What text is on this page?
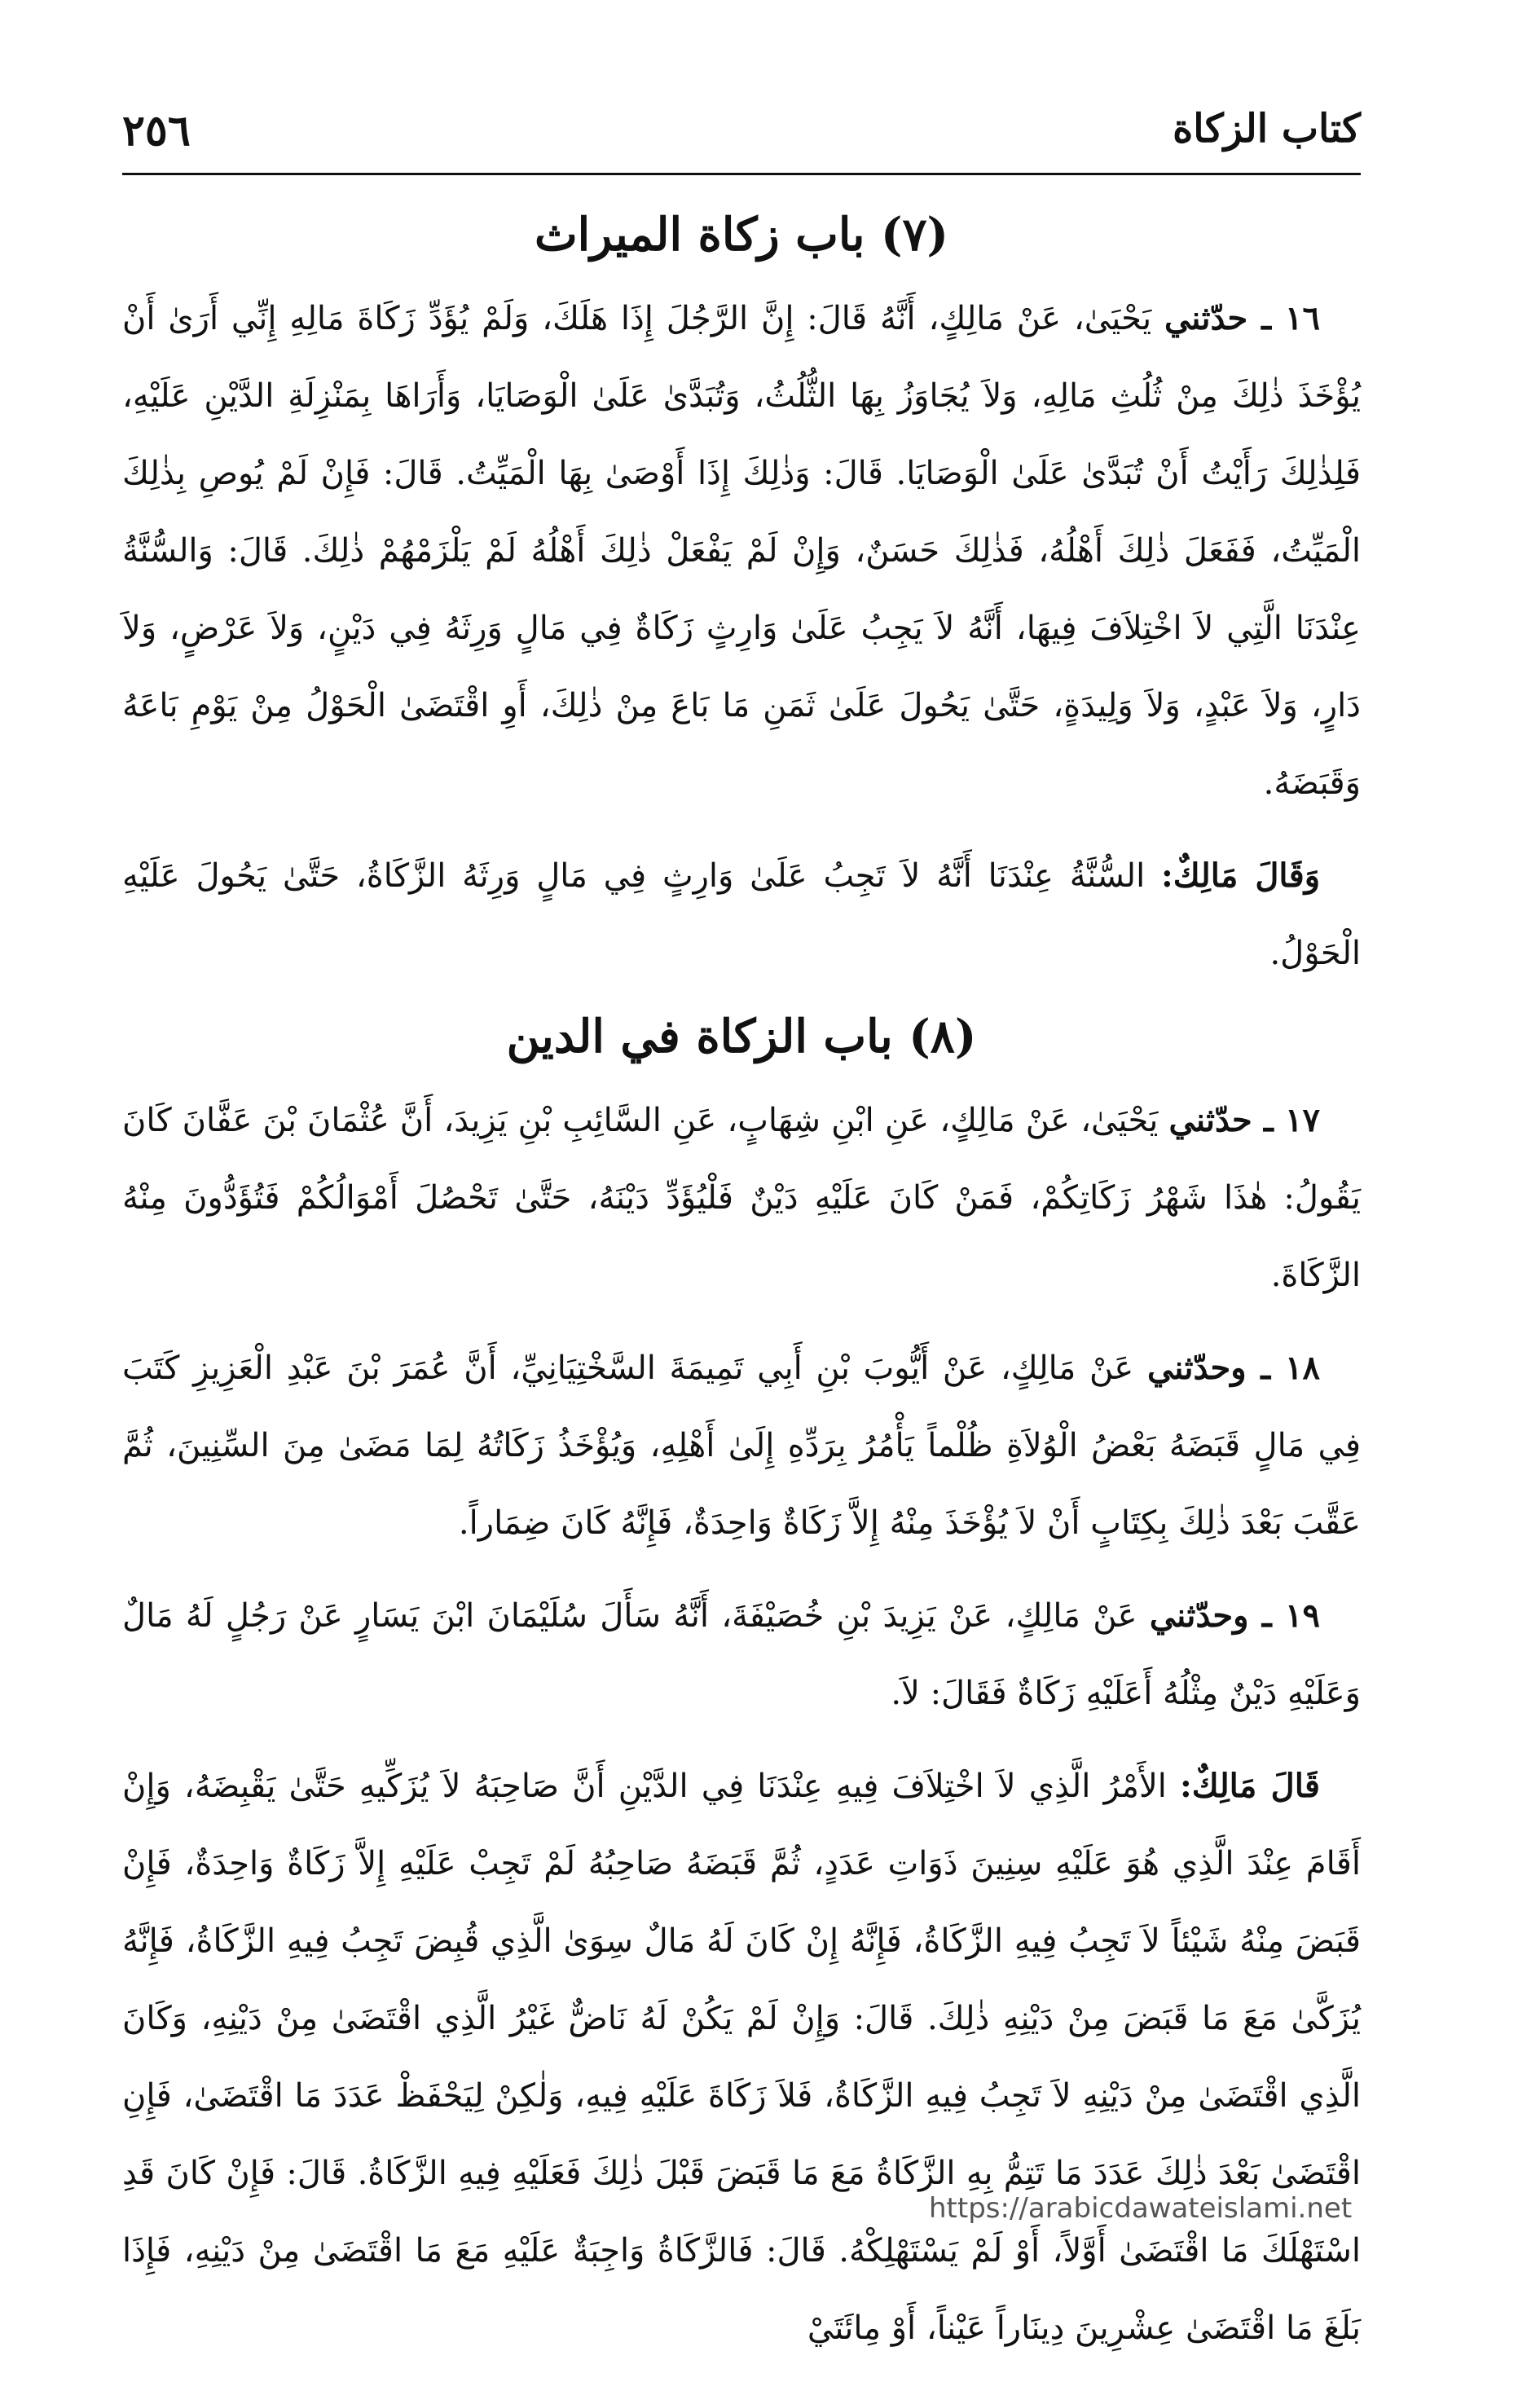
كتاب الزكاة
٢٥٦
(٧) باب زكاة الميراث

١٦ ـ حدّثني يَحْيَىٰ، عَنْ مَالِكٍ، أَنَّهُ قَالَ: إِنَّ الرَّجُلَ إِذَا هَلَكَ، وَلَمْ يُؤَدِّ زَكَاةَ مَالِهِ إِنِّي أَرَىٰ أَنْ يُؤْخَذَ ذٰلِكَ مِنْ ثُلُثِ مَالِهِ، وَلاَ يُجَاوَزُ بِهَا الثُّلُثُ، وَتُبَدَّىٰ عَلَىٰ الْوَصَايَا، وَأَرَاهَا بِمَنْزِلَةِ الدَّيْنِ عَلَيْهِ، فَلِذٰلِكَ رَأَيْتُ أَنْ تُبَدَّىٰ عَلَىٰ الْوَصَايَا. قَالَ: وَذٰلِكَ إِذَا أَوْصَىٰ بِهَا الْمَيِّتُ. قَالَ: فَإِنْ لَمْ يُوصِ بِذٰلِكَ الْمَيِّتُ، فَفَعَلَ ذٰلِكَ أَهْلُهُ، فَذٰلِكَ حَسَنٌ، وَإِنْ لَمْ يَفْعَلْ ذٰلِكَ أَهْلُهُ لَمْ يَلْزَمْهُمْ ذٰلِكَ. قَالَ: وَالسُّنَّةُ عِنْدَنَا الَّتِي لاَ اخْتِلاَفَ فِيهَا، أَنَّهُ لاَ يَجِبُ عَلَىٰ وَارِثٍ زَكَاةٌ فِي مَالٍ وَرِثَهُ فِي دَيْنٍ، وَلاَ عَرْضٍ، وَلاَ دَارٍ، وَلاَ عَبْدٍ، وَلاَ وَلِيدَةٍ، حَتَّىٰ يَحُولَ عَلَىٰ ثَمَنِ مَا بَاعَ مِنْ ذٰلِكَ، أَوِ اقْتَضَىٰ الْحَوْلُ مِنْ يَوْمِ بَاعَهُ وَقَبَضَهُ.

وَقَالَ مَالِكٌ: السُّنَّةُ عِنْدَنَا أَنَّهُ لاَ تَجِبُ عَلَىٰ وَارِثٍ فِي مَالٍ وَرِثَهُ الزَّكَاةُ، حَتَّىٰ يَحُولَ عَلَيْهِ الْحَوْلُ.

(٨) باب الزكاة في الدين

١٧ ـ حدّثني يَحْيَىٰ، عَنْ مَالِكٍ، عَنِ ابْنِ شِهَابٍ، عَنِ السَّائِبِ بْنِ يَزِيدَ، أَنَّ عُثْمَانَ بْنَ عَفَّانَ كَانَ يَقُولُ: هٰذَا شَهْرُ زَكَاتِكُمْ، فَمَنْ كَانَ عَلَيْهِ دَيْنٌ فَلْيُؤَدِّ دَيْنَهُ، حَتَّىٰ تَحْصُلَ أَمْوَالُكُمْ فَتُؤَدُّونَ مِنْهُ الزَّكَاةَ.

١٨ ـ وحدّثني عَنْ مَالِكٍ، عَنْ أَيُّوبَ بْنِ أَبِي تَمِيمَةَ السَّخْتِيَانِيِّ، أَنَّ عُمَرَ بْنَ عَبْدِ الْعَزِيزِ كَتَبَ فِي مَالٍ قَبَضَهُ بَعْضُ الْوُلاَةِ ظُلْماً يَأْمُرُ بِرَدِّهِ إِلَىٰ أَهْلِهِ، وَيُؤْخَذُ زَكَاتُهُ لِمَا مَضَىٰ مِنَ السِّنِينَ، ثُمَّ عَقَّبَ بَعْدَ ذٰلِكَ بِكِتَابٍ أَنْ لاَ يُؤْخَذَ مِنْهُ إِلاَّ زَكَاةٌ وَاحِدَةٌ، فَإِنَّهُ كَانَ ضِمَاراً.

١٩ ـ وحدّثني عَنْ مَالِكٍ، عَنْ يَزِيدَ بْنِ خُصَيْفَةَ، أَنَّهُ سَأَلَ سُلَيْمَانَ ابْنَ يَسَارٍ عَنْ رَجُلٍ لَهُ مَالٌ وَعَلَيْهِ دَيْنٌ مِثْلُهُ أَعَلَيْهِ زَكَاةٌ فَقَالَ: لاَ.

قَالَ مَالِكٌ: الأَمْرُ الَّذِي لاَ اخْتِلاَفَ فِيهِ عِنْدَنَا فِي الدَّيْنِ أَنَّ صَاحِبَهُ لاَ يُزَكِّيهِ حَتَّىٰ يَقْبِضَهُ، وَإِنْ أَقَامَ عِنْدَ الَّذِي هُوَ عَلَيْهِ سِنِينَ ذَوَاتِ عَدَدٍ، ثُمَّ قَبَضَهُ صَاحِبُهُ لَمْ تَجِبْ عَلَيْهِ إِلاَّ زَكَاةٌ وَاحِدَةٌ، فَإِنْ قَبَضَ مِنْهُ شَيْئاً لاَ تَجِبُ فِيهِ الزَّكَاةُ، فَإِنَّهُ إِنْ كَانَ لَهُ مَالٌ سِوَىٰ الَّذِي قُبِضَ تَجِبُ فِيهِ الزَّكَاةُ، فَإِنَّهُ يُزَكَّىٰ مَعَ مَا قَبَضَ مِنْ دَيْنِهِ ذٰلِكَ. قَالَ: وَإِنْ لَمْ يَكُنْ لَهُ نَاضٌّ غَيْرُ الَّذِي اقْتَضَىٰ مِنْ دَيْنِهِ، وَكَانَ الَّذِي اقْتَضَىٰ مِنْ دَيْنِهِ لاَ تَجِبُ فِيهِ الزَّكَاةُ، فَلاَ زَكَاةَ عَلَيْهِ فِيهِ، وَلٰكِنْ لِيَحْفَظْ عَدَدَ مَا اقْتَضَىٰ، فَإِنِ اقْتَضَىٰ بَعْدَ ذٰلِكَ عَدَدَ مَا تَتِمُّ بِهِ الزَّكَاةُ مَعَ مَا قَبَضَ قَبْلَ ذٰلِكَ فَعَلَيْهِ فِيهِ الزَّكَاةُ. قَالَ: فَإِنْ كَانَ قَدِ اسْتَهْلَكَ مَا اقْتَضَىٰ أَوَّلاً، أَوْ لَمْ يَسْتَهْلِكْهُ. قَالَ: فَالزَّكَاةُ وَاجِبَةٌ عَلَيْهِ مَعَ مَا اقْتَضَىٰ مِنْ دَيْنِهِ، فَإِذَا بَلَغَ مَا اقْتَضَىٰ عِشْرِينَ دِينَاراً عَيْناً، أَوْ مِائَتَيْ

https://arabicdawateislami.net
